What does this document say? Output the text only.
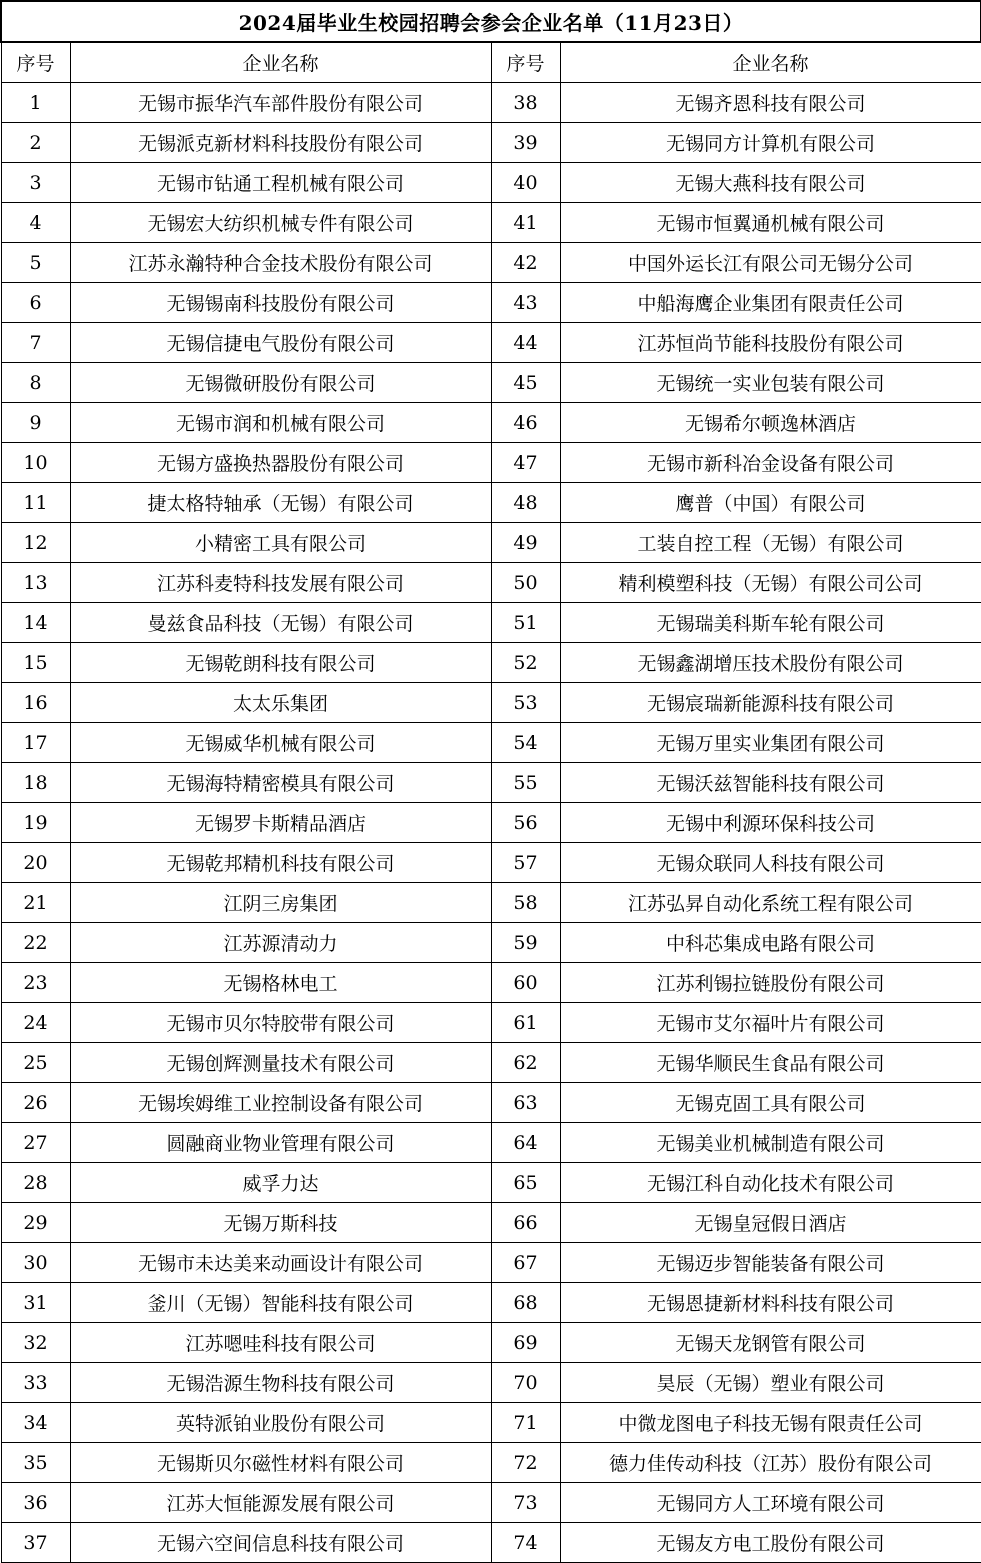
2024届毕业生校园招聘会参会企业名单（11月23日）			
序号	企业名称	序号	企业名称
1	无锡市振华汽车部件股份有限公司	38	无锡齐恩科技有限公司
2	无锡派克新材料科技股份有限公司	39	无锡同方计算机有限公司
3	无锡市钻通工程机械有限公司	40	无锡大燕科技有限公司
4	无锡宏大纺织机械专件有限公司	41	无锡市恒翼通机械有限公司
5	江苏永瀚特种合金技术股份有限公司	42	中国外运长江有限公司无锡分公司
6	无锡锡南科技股份有限公司	43	中船海鹰企业集团有限责任公司
7	无锡信捷电气股份有限公司	44	江苏恒尚节能科技股份有限公司
8	无锡微研股份有限公司	45	无锡统一实业包装有限公司
9	无锡市润和机械有限公司	46	无锡希尔顿逸林酒店
10	无锡方盛换热器股份有限公司	47	无锡市新科冶金设备有限公司
11	捷太格特轴承（无锡）有限公司	48	鹰普（中国）有限公司
12	小精密工具有限公司	49	工装自控工程（无锡）有限公司
13	江苏科麦特科技发展有限公司	50	精利模塑科技（无锡）有限公司公司
14	曼兹食品科技（无锡）有限公司	51	无锡瑞美科斯车轮有限公司
15	无锡乾朗科技有限公司	52	无锡鑫湖增压技术股份有限公司
16	太太乐集团	53	无锡宸瑞新能源科技有限公司
17	无锡威华机械有限公司	54	无锡万里实业集团有限公司
18	无锡海特精密模具有限公司	55	无锡沃兹智能科技有限公司
19	无锡罗卡斯精品酒店	56	无锡中利源环保科技公司
20	无锡乾邦精机科技有限公司	57	无锡众联同人科技有限公司
21	江阴三房集团	58	江苏弘昇自动化系统工程有限公司
22	江苏源清动力	59	中科芯集成电路有限公司
23	无锡格林电工	60	江苏利锡拉链股份有限公司
24	无锡市贝尔特胶带有限公司	61	无锡市艾尔福叶片有限公司
25	无锡创辉测量技术有限公司	62	无锡华顺民生食品有限公司
26	无锡埃姆维工业控制设备有限公司	63	无锡克固工具有限公司
27	圆融商业物业管理有限公司	64	无锡美业机械制造有限公司
28	威孚力达	65	无锡江科自动化技术有限公司
29	无锡万斯科技	66	无锡皇冠假日酒店
30	无锡市未达美来动画设计有限公司	67	无锡迈步智能装备有限公司
31	釜川（无锡）智能科技有限公司	68	无锡恩捷新材料科技有限公司
32	江苏嗯哇科技有限公司	69	无锡天龙钢管有限公司
33	无锡浩源生物科技有限公司	70	昊辰（无锡）塑业有限公司
34	英特派铂业股份有限公司	71	中微龙图电子科技无锡有限责任公司
35	无锡斯贝尔磁性材料有限公司	72	德力佳传动科技（江苏）股份有限公司
36	江苏大恒能源发展有限公司	73	无锡同方人工环境有限公司
37	无锡六空间信息科技有限公司	74	无锡友方电工股份有限公司
